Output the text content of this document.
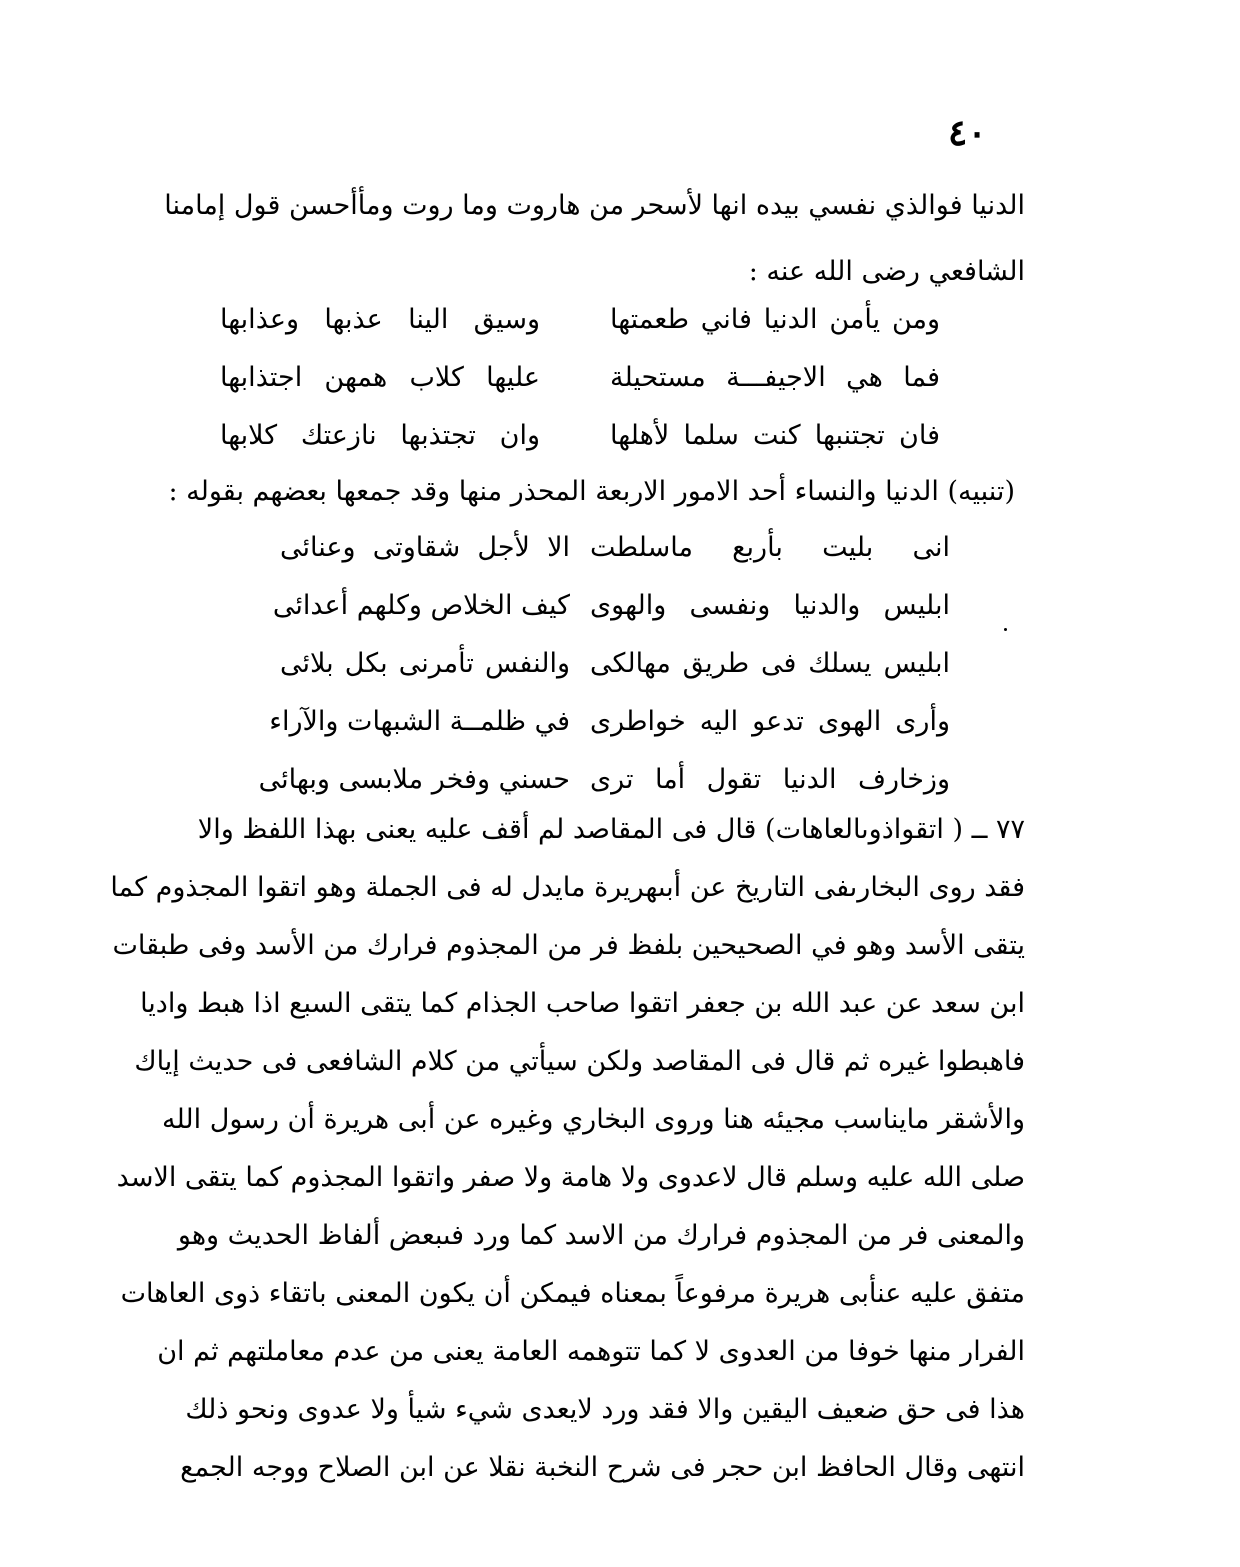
٤٠
الدنيا فوالذي نفسي بيده انها لأسحر من هاروت وما روت ومأأحسن قول إمامنا
الشافعي رضى الله عنه :
ومن يأمن الدنيا فاني طعمتها
وسيق الينا عذبها وعذابها
فما هي الاجيفـــة مستحيلة
عليها كلاب همهن اجتذابها
فان تجتنبها كنت سلما لأهلها
وان تجتذبها نازعتك كلابها
(تنبيه) الدنيا والنساء أحد الامور الاربعة المحذر منها وقد جمعها بعضهم بقوله :
انى بليت بأربع ماسلطت
الا لأجل شقاوتى وعنائى
ابليس والدنيا ونفسى والهوى
كيف الخلاص وكلهم أعدائى
ابليس يسلك فى طريق مهالكى
والنفس تأمرنى بكل بلائى
وأرى الهوى تدعو اليه خواطرى
في ظلمــة الشبهات والآراء
وزخارف الدنيا تقول أما ترى
حسني وفخر ملابسى وبهائى
٧٧ ــ ( اتقواذوىالعاهات) قال فى المقاصد لم أقف عليه يعنى بهذا اللفظ والا
فقد روى البخارىفى التاريخ عن أبىهريرة مايدل له فى الجملة وهو اتقوا المجذوم كما
يتقى الأسد وهو في الصحيحين بلفظ فر من المجذوم فرارك من الأسد وفى طبقات
ابن سعد عن عبد الله بن جعفر اتقوا صاحب الجذام كما يتقى السبع اذا هبط واديا
فاهبطوا غيره ثم قال فى المقاصد ولكن سيأتي من كلام الشافعى فى حديث إياك
والأشقر مايناسب مجيئه هنا وروى البخاري وغيره عن أبى هريرة أن رسول الله
صلى الله عليه وسلم قال لاعدوى ولا هامة ولا صفر واتقوا المجذوم كما يتقى الاسد
والمعنى فر من المجذوم فرارك من الاسد كما ورد فىبعض ألفاظ الحديث وهو
متفق عليه عنأبى هريرة مرفوعاً بمعناه فيمكن أن يكون المعنى باتقاء ذوى العاهات
الفرار منها خوفا من العدوى لا كما تتوهمه العامة يعنى من عدم معاملتهم ثم ان
هذا فى حق ضعيف اليقين والا فقد ورد لايعدى شيء شيأ ولا عدوى ونحو ذلك
انتهى وقال الحافظ ابن حجر فى شرح النخبة نقلا عن ابن الصلاح ووجه الجمع
